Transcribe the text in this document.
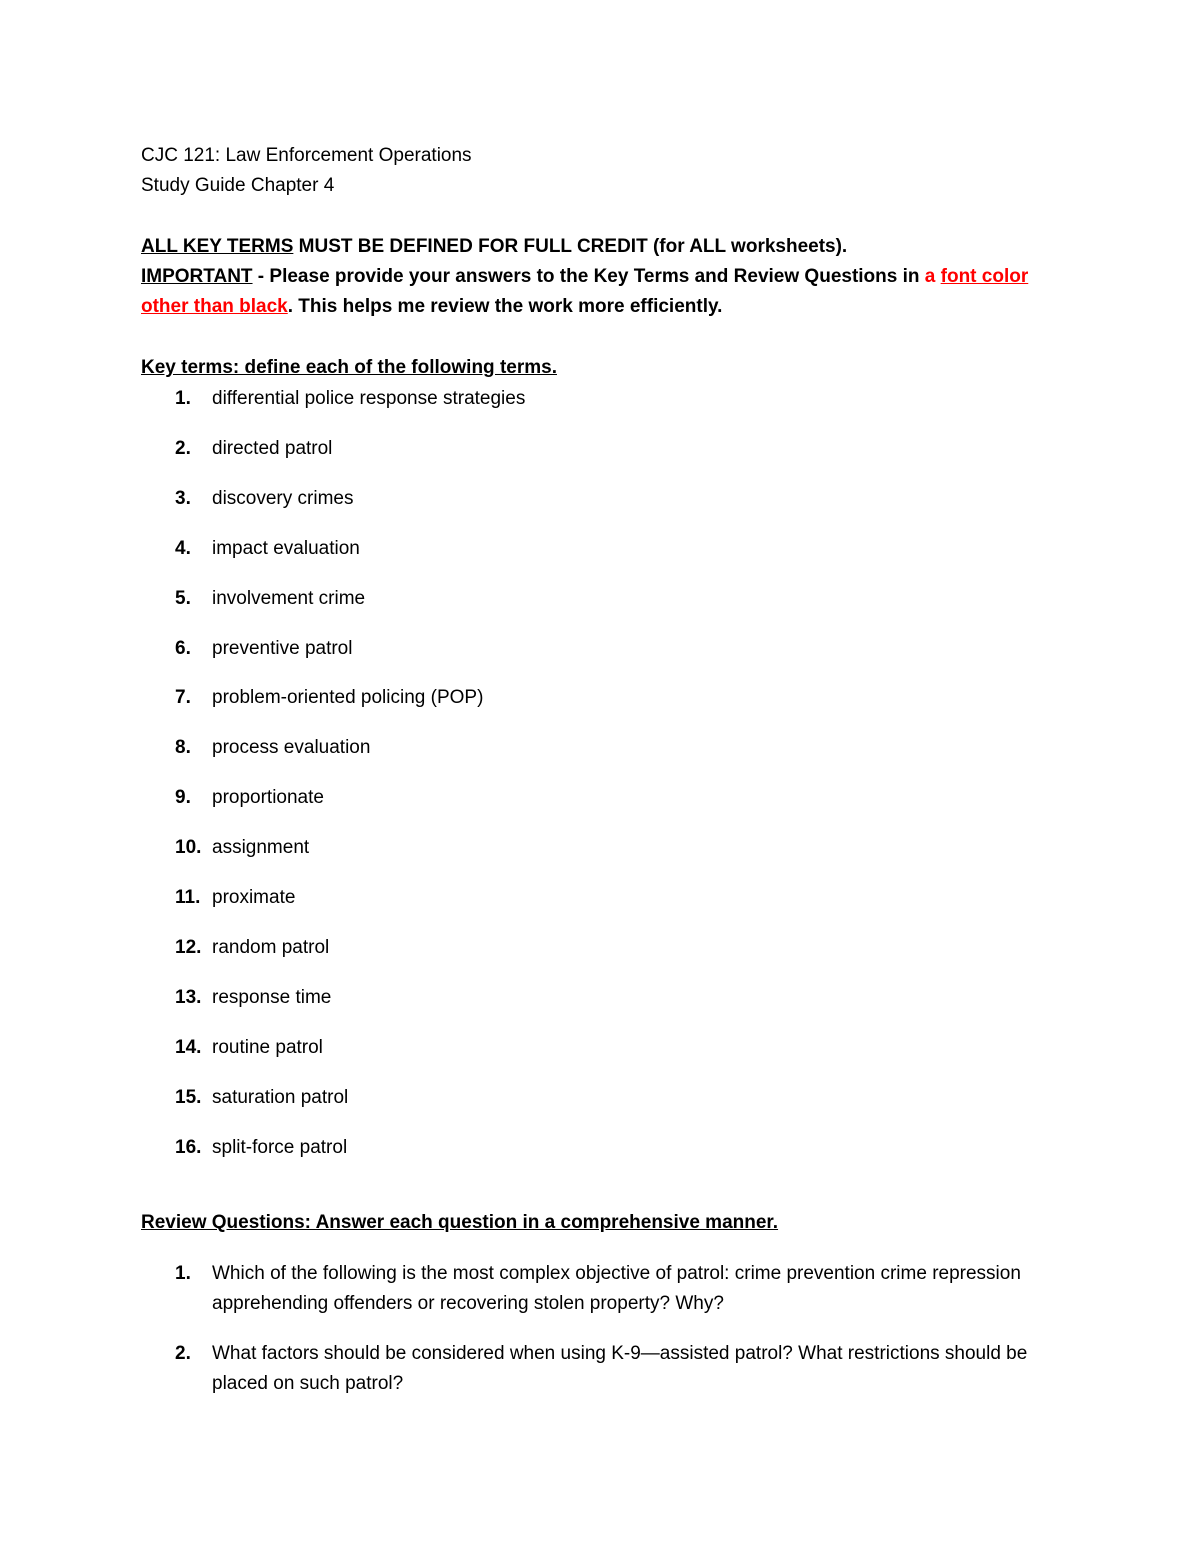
CJC 121: Law Enforcement Operations
Study Guide Chapter 4
ALL KEY TERMS MUST BE DEFINED FOR FULL CREDIT (for ALL worksheets).
IMPORTANT - Please provide your answers to the Key Terms and Review Questions in a font color
other than black. This helps me review the work more efficiently.
Key terms: define each of the following terms.
1. differential police response strategies
2. directed patrol
3. discovery crimes
4. impact evaluation
5. involvement crime
6. preventive patrol
7. problem-oriented policing (POP)
8. process evaluation
9. proportionate
10. assignment
11. proximate
12. random patrol
13. response time
14. routine patrol
15. saturation patrol
16. split-force patrol
Review Questions: Answer each question in a comprehensive manner.
1. Which of the following is the most complex objective of patrol: crime prevention crime repression apprehending offenders or recovering stolen property? Why?
2. What factors should be considered when using K-9—assisted patrol? What restrictions should be placed on such patrol?
